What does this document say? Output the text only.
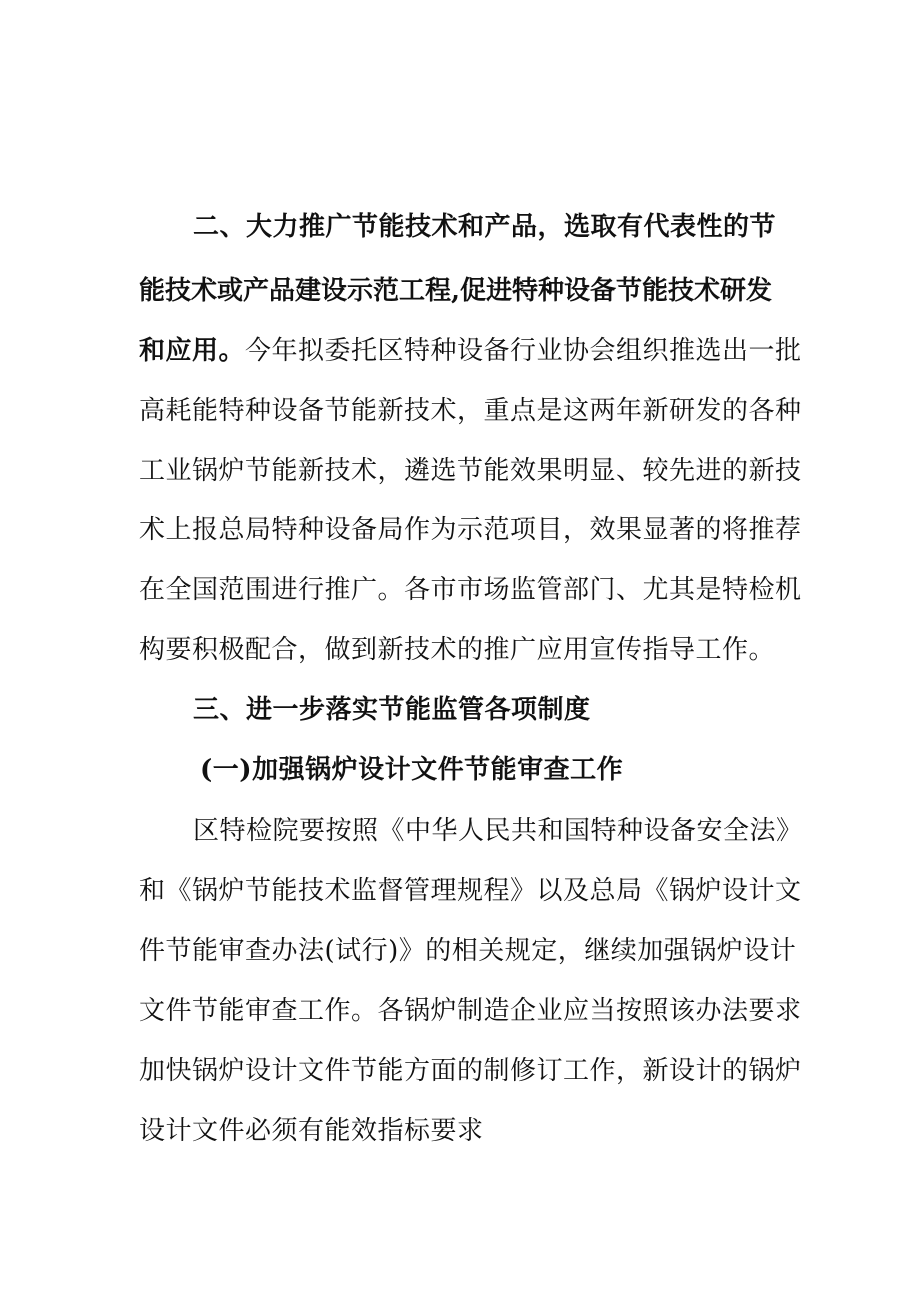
二、大力推广节能技术和产品，选取有代表性的节
能技术或产品建设示范工程,促进特种设备节能技术研发
和应用。今年拟委托区特种设备行业协会组织推选出一批
高耗能特种设备节能新技术，重点是这两年新研发的各种
工业锅炉节能新技术，遴选节能效果明显、较先进的新技
术上报总局特种设备局作为示范项目，效果显著的将推荐
在全国范围进行推广。各市市场监管部门、尤其是特检机
构要积极配合，做到新技术的推广应用宣传指导工作。
三、进一步落实节能监管各项制度
(一)加强锅炉设计文件节能审查工作
区特检院要按照《中华人民共和国特种设备安全法》
和《锅炉节能技术监督管理规程》以及总局《锅炉设计文
件节能审查办法(试行)》的相关规定，继续加强锅炉设计
文件节能审查工作。各锅炉制造企业应当按照该办法要求
加快锅炉设计文件节能方面的制修订工作，新设计的锅炉
设计文件必须有能效指标要求
